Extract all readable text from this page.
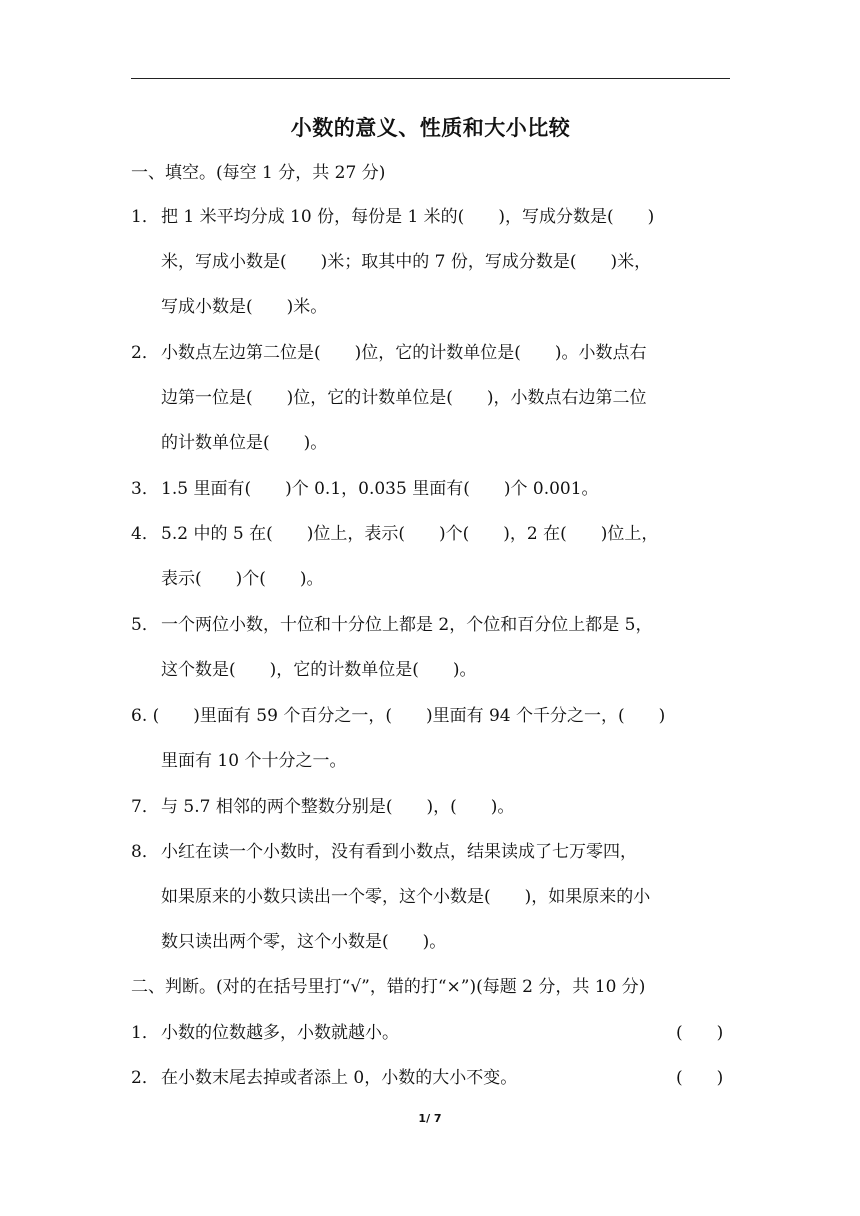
小数的意义、性质和大小比较
一、填空。(每空 1 分，共 27 分)
1． 把 1 米平均分成 10 份，每份是 1 米的(　　)，写成分数是(　　)
米，写成小数是(　　)米；取其中的 7 份，写成分数是(　　)米，
写成小数是(　　)米。
2． 小数点左边第二位是(　　)位，它的计数单位是(　　)。小数点右
边第一位是(　　)位，它的计数单位是(　　)，小数点右边第二位
的计数单位是(　　)。
3． 1.5 里面有(　　)个 0.1，0.035 里面有(　　)个 0.001。
4． 5.2 中的 5 在(　　)位上，表示(　　)个(　　)，2 在(　　)位上，
表示(　　)个(　　)。
5． 一个两位小数，十位和十分位上都是 2，个位和百分位上都是 5，
这个数是(　　)，它的计数单位是(　　)。
6. (　　)里面有 59 个百分之一，(　　)里面有 94 个千分之一，(　　)
里面有 10 个十分之一。
7． 与 5.7 相邻的两个整数分别是(　　)，(　　)。
8． 小红在读一个小数时，没有看到小数点，结果读成了七万零四，
如果原来的小数只读出一个零，这个小数是(　　)，如果原来的小
数只读出两个零，这个小数是(　　)。
二、判断。(对的在括号里打“√”，错的打“×”)(每题 2 分，共 10 分)
1． 小数的位数越多，小数就越小。	(　　)
2． 在小数末尾去掉或者添上 0，小数的大小不变。	(　　)
1/ 7
